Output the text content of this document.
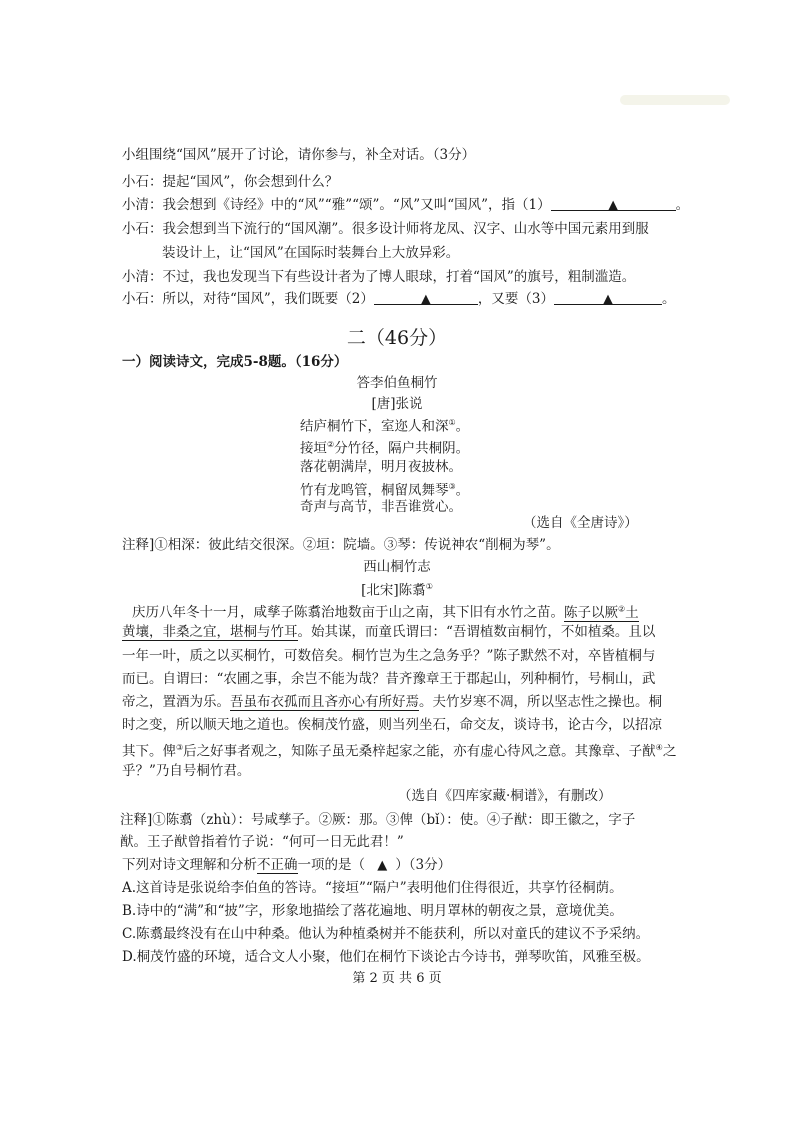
小组围绕“国风”展开了讨论，请你参与，补全对话。（3分）
小石：提起“国风”，你会想到什么？
小清：我会想到《诗经》中的“风”“雅”“颂”。“风”又叫“国风”，指（1）	▲	。
小石：我会想到当下流行的“国风潮”。很多设计师将龙凤、汉字、山水等中国元素用到服
装设计上，让“国风”在国际时装舞台上大放异彩。
小清：不过，我也发现当下有些设计者为了博人眼球，打着“国风”的旗号，粗制滥造。
小石：所以，对待“国风”，我们既要（2）	▲	，又要（3）	▲	。
二（46分）
一）阅读诗文，完成5-8题。（16分）
答李伯鱼桐竹
[唐]张说
结庐桐竹下，室迩人和深①。
接垣②分竹径，隔户共桐阴。
落花朝满岸，明月夜披林。
竹有龙鸣管，桐留凤舞琴③。
奇声与高节，非吾谁赏心。
（选自《全唐诗》）
注释]①相深：彼此结交很深。②垣：院墙。③琴：传说神农“削桐为琴”。
西山桐竹志
[北宋]陈翥①
庆历八年冬十一月，咸孳子陈翥治地数亩于山之南，其下旧有水竹之苗。陈子以厥②土
黄壤，非桑之宜，堪桐与竹耳。始其谋，而童氏谓曰：“吾谓植数亩桐竹，不如植桑。且以
一年一叶，质之以买桐竹，可数倍矣。桐竹岂为生之急务乎？”陈子默然不对，卒皆植桐与
而已。自谓曰：“农圃之事，余岂不能为哉？昔齐豫章王于郡起山，列种桐竹，号桐山，武
帝之，置酒为乐。吾虽布衣孤而且吝亦心有所好焉。夫竹岁寒不凋，所以坚志性之操也。桐
时之变，所以顺天地之道也。俟桐茂竹盛，则当列坐石，命交友，谈诗书，论古今，以招凉
其下。俾③后之好事者观之，知陈子虽无桑梓起家之能，亦有虚心待风之意。其豫章、子猷④之
乎？”乃自号桐竹君。
（选自《四库家藏·桐谱》，有删改）
注释]①陈翥（zhù）：号咸孳子。②厥：那。③俾（bǐ）：使。④子猷：即王徽之，字子
猷。王子猷曾指着竹子说：“何可一日无此君！”
下列对诗文理解和分析不正确一项的是（ ▲ ）（3分）
A.这首诗是张说给李伯鱼的答诗。“接垣”“隔户”表明他们住得很近，共享竹径桐荫。
B.诗中的“满”和“披”字，形象地描绘了落花遍地、明月罩林的朝夜之景，意境优美。
C.陈翥最终没有在山中种桑。他认为种植桑树并不能获利，所以对童氏的建议不予采纳。
D.桐茂竹盛的环境，适合文人小聚，他们在桐竹下谈论古今诗书，弹琴吹笛，风雅至极。
第 2 页 共 6 页
